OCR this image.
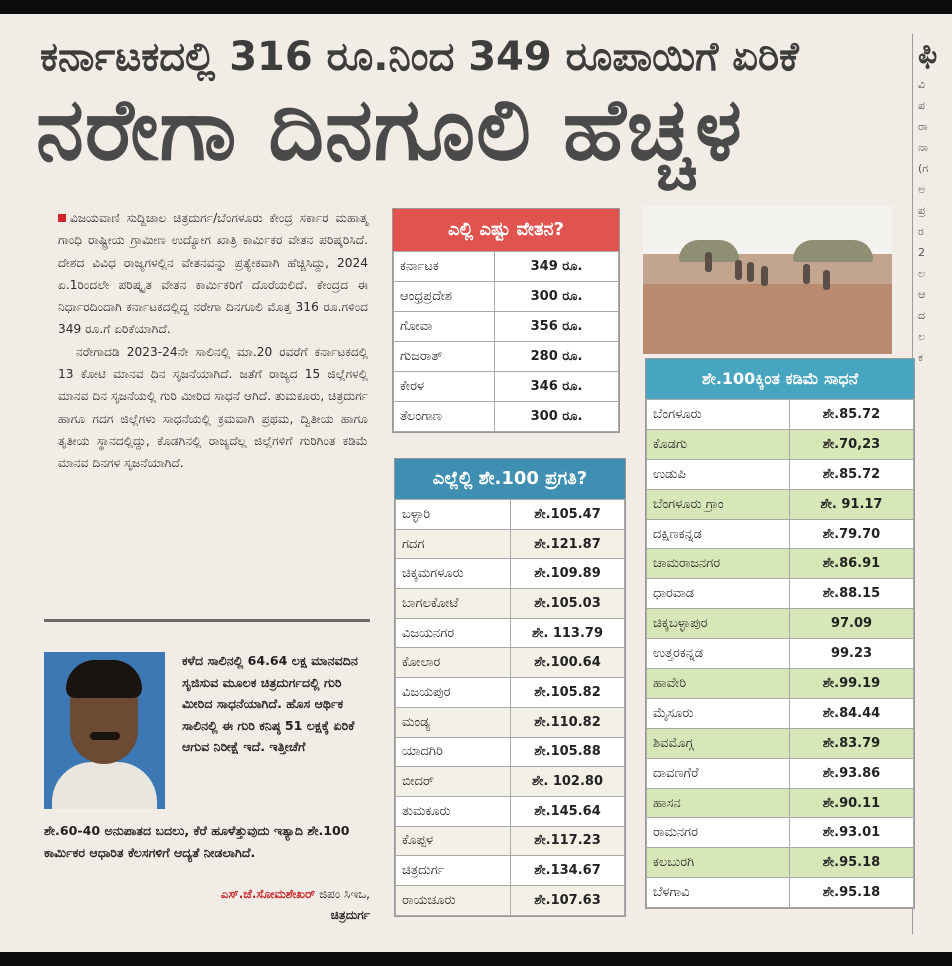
ಫಿ
ವಿ
ಪ
ರಾ
ನಾ
(ಗ
ಅ
ಪ್ರ
ರ
2
ಲ
ಆ
ದ
ಲ
ಕ
ಕರ್ನಾಟಕದಲ್ಲಿ 316 ರೂ.ನಿಂದ 349 ರೂಪಾಯಿಗೆ ಏರಿಕೆ
ನರೇಗಾ ದಿನಗೂಲಿ ಹೆಚ್ಚಳ

ವಿಜಯವಾಣಿ ಸುದ್ದಿಜಾಲ ಚಿತ್ರದುರ್ಗ/ಬೆಂಗಳೂರು ಕೇಂದ್ರ ಸರ್ಕಾರ ಮಹಾತ್ಮ ಗಾಂಧಿ ರಾಷ್ಟ್ರೀಯ ಗ್ರಾಮೀಣ ಉದ್ಯೋಗ ಖಾತ್ರಿ ಕಾರ್ಮಿಕರ ವೇತನ ಪರಿಷ್ಕರಿಸಿದೆ. ದೇಶದ ವಿವಿಧ ರಾಜ್ಯಗಳಲ್ಲಿನ ವೇತನವನ್ನು ಪ್ರತ್ಯೇಕವಾಗಿ ಹೆಚ್ಚಿಸಿದ್ದು, 2024 ಏ.1ರಿಂದಲೇ ಪರಿಷ್ಕೃತ ವೇತನ ಕಾರ್ಮಿಕರಿಗೆ ದೊರೆಯಲಿದೆ. ಕೇಂದ್ರದ ಈ ನಿರ್ಧಾರದಿಂದಾಗಿ ಕರ್ನಾಟಕದಲ್ಲಿದ್ದ ನರೇಗಾ ದಿನಗೂಲಿ ಮೊತ್ತ 316 ರೂ.ಗಳಿಂದ 349 ರೂ.ಗೆ ಏರಿಕೆಯಾಗಿದೆ.

ನರೇಗಾದಡಿ 2023-24ನೇ ಸಾಲಿನಲ್ಲಿ ಮಾ.20 ರವರೆಗೆ ಕರ್ನಾಟಕದಲ್ಲಿ 13 ಕೋಟಿ ಮಾನವ ದಿನ ಸೃಜನೆಯಾಗಿದೆ. ಜತೆಗೆ ರಾಜ್ಯದ 15 ಜಿಲ್ಲೆಗಳಲ್ಲಿ ಮಾನವ ದಿನ ಸೃಜನೆಯಲ್ಲಿ ಗುರಿ ಮೀರಿದ ಸಾಧನೆ ಆಗಿದೆ. ತುಮಕೂರು, ಚಿತ್ರದುರ್ಗ ಹಾಗೂ ಗದಗ ಜಿಲ್ಲೆಗಳು ಸಾಧನೆಯಲ್ಲಿ ಕ್ರಮವಾಗಿ ಪ್ರಥಮ, ದ್ವಿತೀಯ ಹಾಗೂ ತೃತೀಯ ಸ್ಥಾನದಲ್ಲಿದ್ದು, ಕೊಡಗಿನಲ್ಲಿ ರಾಜ್ಯದೆಲ್ಲ ಜಿಲ್ಲೆಗಳಿಗೆ ಗುರಿಗಿಂತ ಕಡಿಮೆ ಮಾನವ ದಿನಗಳ ಸೃಜನೆಯಾಗಿದೆ.

ಕಳೆದ ಸಾಲಿನಲ್ಲಿ 64.64 ಲಕ್ಷ ಮಾನವದಿನ ಸೃಜಿಸುವ ಮೂಲಕ ಚಿತ್ರದುರ್ಗದಲ್ಲಿ ಗುರಿ ಮೀರಿದ ಸಾಧನೆಯಾಗಿದೆ. ಹೊಸ ಆರ್ಥಿಕ ಸಾಲಿನಲ್ಲಿ ಈ ಗುರಿ ಕನಿಷ್ಠ 51 ಲಕ್ಷಕ್ಕೆ ಏರಿಕೆ ಆಗುವ ನಿರೀಕ್ಷೆ ಇದೆ. ಇತ್ತೀಚೆಗೆ
ಶೇ.60-40 ಅನುಪಾತದ ಬದಲು, ಕೆರೆ ಹೂಳೆತ್ತುವುದು ಇತ್ಯಾದಿ ಶೇ.100 ಕಾರ್ಮಿಕರ ಆಧಾರಿತ ಕೆಲಸಗಳಿಗೆ ಆದ್ಯತೆ ನೀಡಲಾಗಿದೆ.
ಎಸ್.ಜೆ.ಸೋಮಶೇಖರ್ ಜಿಪಂ ಸಿಇಒ,
ಚಿತ್ರದುರ್ಗ
ಎಲ್ಲಿ ಎಷ್ಟು ವೇತನ?
ಕರ್ನಾಟಕ	349 ರೂ.
ಆಂಧ್ರಪ್ರದೇಶ	300 ರೂ.
ಗೋವಾ	356 ರೂ.
ಗುಜರಾತ್	280 ರೂ.
ಕೇರಳ	346 ರೂ.
ತೆಲಂಗಾಣ	300 ರೂ.
ಎಲ್ಲೆಲ್ಲಿ ಶೇ.100 ಪ್ರಗತಿ?
ಬಳ್ಳಾರಿ	ಶೇ.105.47
ಗದಗ	ಶೇ.121.87
ಚಿಕ್ಕಮಗಳೂರು	ಶೇ.109.89
ಬಾಗಲಕೋಟೆ	ಶೇ.105.03
ವಿಜಯನಗರ	ಶೇ. 113.79
ಕೋಲಾರ	ಶೇ.100.64
ವಿಜಯಪುರ	ಶೇ.105.82
ಮಂಡ್ಯ	ಶೇ.110.82
ಯಾದಗಿರಿ	ಶೇ.105.88
ಬೀದರ್	ಶೇ. 102.80
ತುಮಕೂರು	ಶೇ.145.64
ಕೊಪ್ಪಳ	ಶೇ.117.23
ಚಿತ್ರದುರ್ಗ	ಶೇ.134.67
ರಾಯಚೂರು	ಶೇ.107.63
ಶೇ.100ಕ್ಕಿಂತ ಕಡಿಮೆ ಸಾಧನೆ
ಬೆಂಗಳೂರು	ಶೇ.85.72
ಕೊಡಗು	ಶೇ.70,23
ಉಡುಪಿ	ಶೇ.85.72
ಬೆಂಗಳೂರು ಗ್ರಾಂ	ಶೇ. 91.17
ದಕ್ಷಿಣಕನ್ನಡ	ಶೇ.79.70
ಚಾಮರಾಜನಗರ	ಶೇ.86.91
ಧಾರವಾಡ	ಶೇ.88.15
ಚಿಕ್ಕಬಳ್ಳಾಪುರ	97.09
ಉತ್ತರಕನ್ನಡ	99.23
ಹಾವೇರಿ	ಶೇ.99.19
ಮೈಸೂರು	ಶೇ.84.44
ಶಿವಮೊಗ್ಗ	ಶೇ.83.79
ದಾವಣಗೆರೆ	ಶೇ.93.86
ಹಾಸನ	ಶೇ.90.11
ರಾಮನಗರ	ಶೇ.93.01
ಕಲಬುರಗಿ	ಶೇ.95.18
ಬೆಳಗಾವಿ	ಶೇ.95.18
